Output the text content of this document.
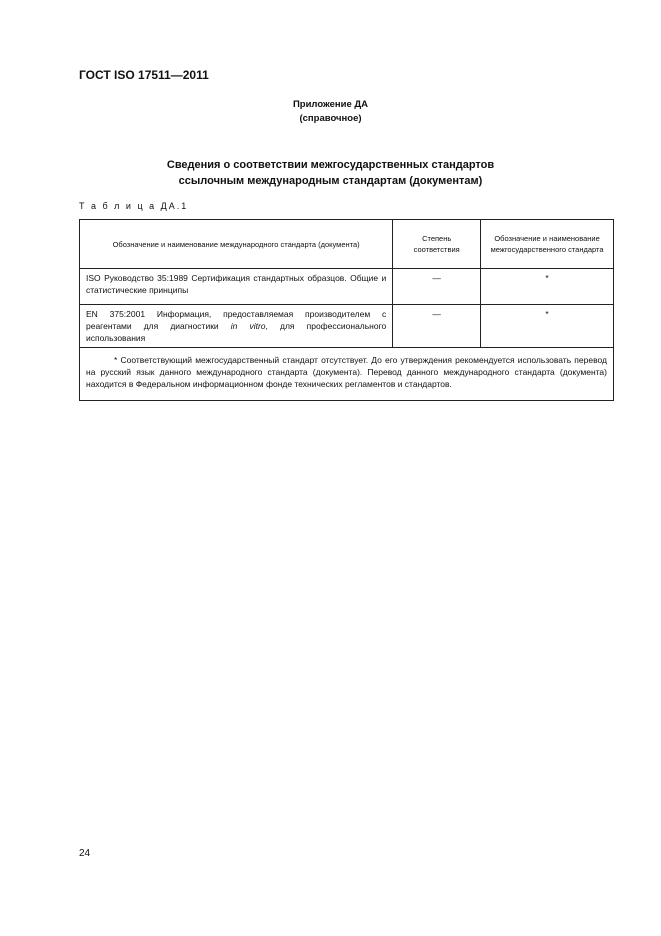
ГОСТ ISO 17511—2011
Приложение ДА
(справочное)
Сведения о соответствии межгосударственных стандартов
ссылочным международным стандартам (документам)
Т а б л и ц а ДА.1
Обозначение и наименование международного стандарта (документа)	Степень соответствия	Обозначение и наименование межгосударственного стандарта
ISO Руководство 35:1989 Сертификация стандартных образцов. Общие и статистические принципы	—	*
EN 375:2001 Информация, предоставляемая производителем с реагентами для диагностики in vitro, для профессионального использования	—	*
* Соответствующий межгосударственный стандарт отсутствует. До его утверждения рекомендуется использовать перевод на русский язык данного международного стандарта (документа). Перевод данного международного стандарта (документа) находится в Федеральном информационном фонде технических регламентов и стандартов.		
24
